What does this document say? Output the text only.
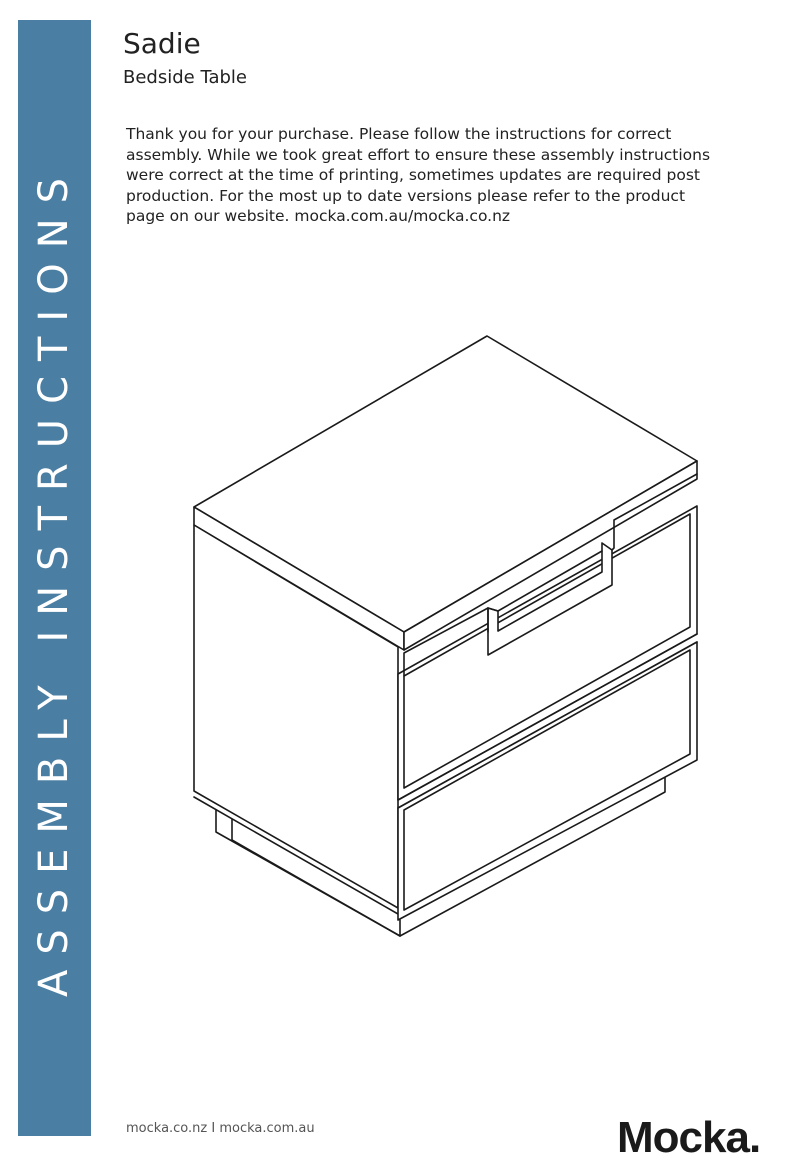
ASSEMBLY INSTRUCTIONS
Sadie
Bedside Table

Thank you for your purchase. Please follow the instructions for correct

assembly. While we took great effort to ensure these assembly instructions

were correct at the time of printing, sometimes updates are required post

production. For the most up to date versions please refer to the product

page on our website. mocka.com.au/mocka.co.nz

mocka.co.nz I mocka.com.au	Mocka.
